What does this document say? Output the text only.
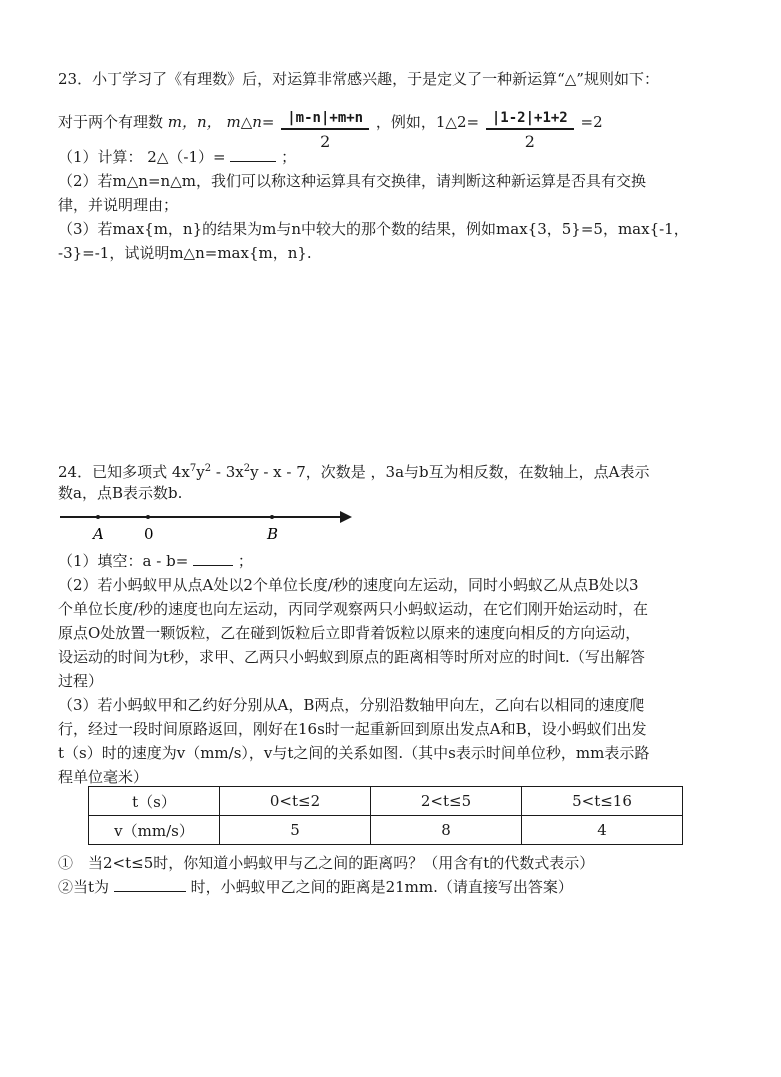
23．小丁学习了《有理数》后，对运算非常感兴趣，于是定义了一种新运算“△”规则如下：
对于两个有理数 m，n， m△n= $\frac{|m-n|+m+n}{2}$ ，例如，1△2= $\frac{|1-2|+1+2}{2} =2$
（1）计算： 2△（-1）=	；
（2）若m△n=n△m，我们可以称这种运算具有交换律，请判断这种新运算是否具有交换
律，并说明理由；
（3）若max{m，n}的结果为m与n中较大的那个数的结果，例如max{3，5}=5，max{-1，
-3}=-1，试说明m△n=max{m，n}.
24．已知多项式 $4x^7y^2 - 3x^2y$ - x - 7，次数是 ，3a与b互为相反数，在数轴上，点A表示
数a，点B表示数b.
A	0	B
（1）填空：a - b=	；
（2）若小蚂蚁甲从点A处以2个单位长度/秒的速度向左运动，同时小蚂蚁乙从点B处以3
个单位长度/秒的速度也向左运动，丙同学观察两只小蚂蚁运动，在它们刚开始运动时，在
原点O处放置一颗饭粒，乙在碰到饭粒后立即背着饭粒以原来的速度向相反的方向运动，
设运动的时间为t秒，求甲、乙两只小蚂蚁到原点的距离相等时所对应的时间t.（写出解答
过程）
（3）若小蚂蚁甲和乙约好分别从A，B两点，分别沿数轴甲向左，乙向右以相同的速度爬
行，经过一段时间原路返回，刚好在16s时一起重新回到原出发点A和B，设小蚂蚁们出发
t（s）时的速度为v（mm/s），v与t之间的关系如图.（其中s表示时间单位秒，mm表示路
程单位毫米）
t（s）	0<t≤2	2<t≤5	5<t≤16
v（mm/s）	5	8	4
①　当2<t≤5时，你知道小蚂蚁甲与乙之间的距离吗？（用含有t的代数式表示）
②当t为	时，小蚂蚁甲乙之间的距离是21mm.（请直接写出答案）
